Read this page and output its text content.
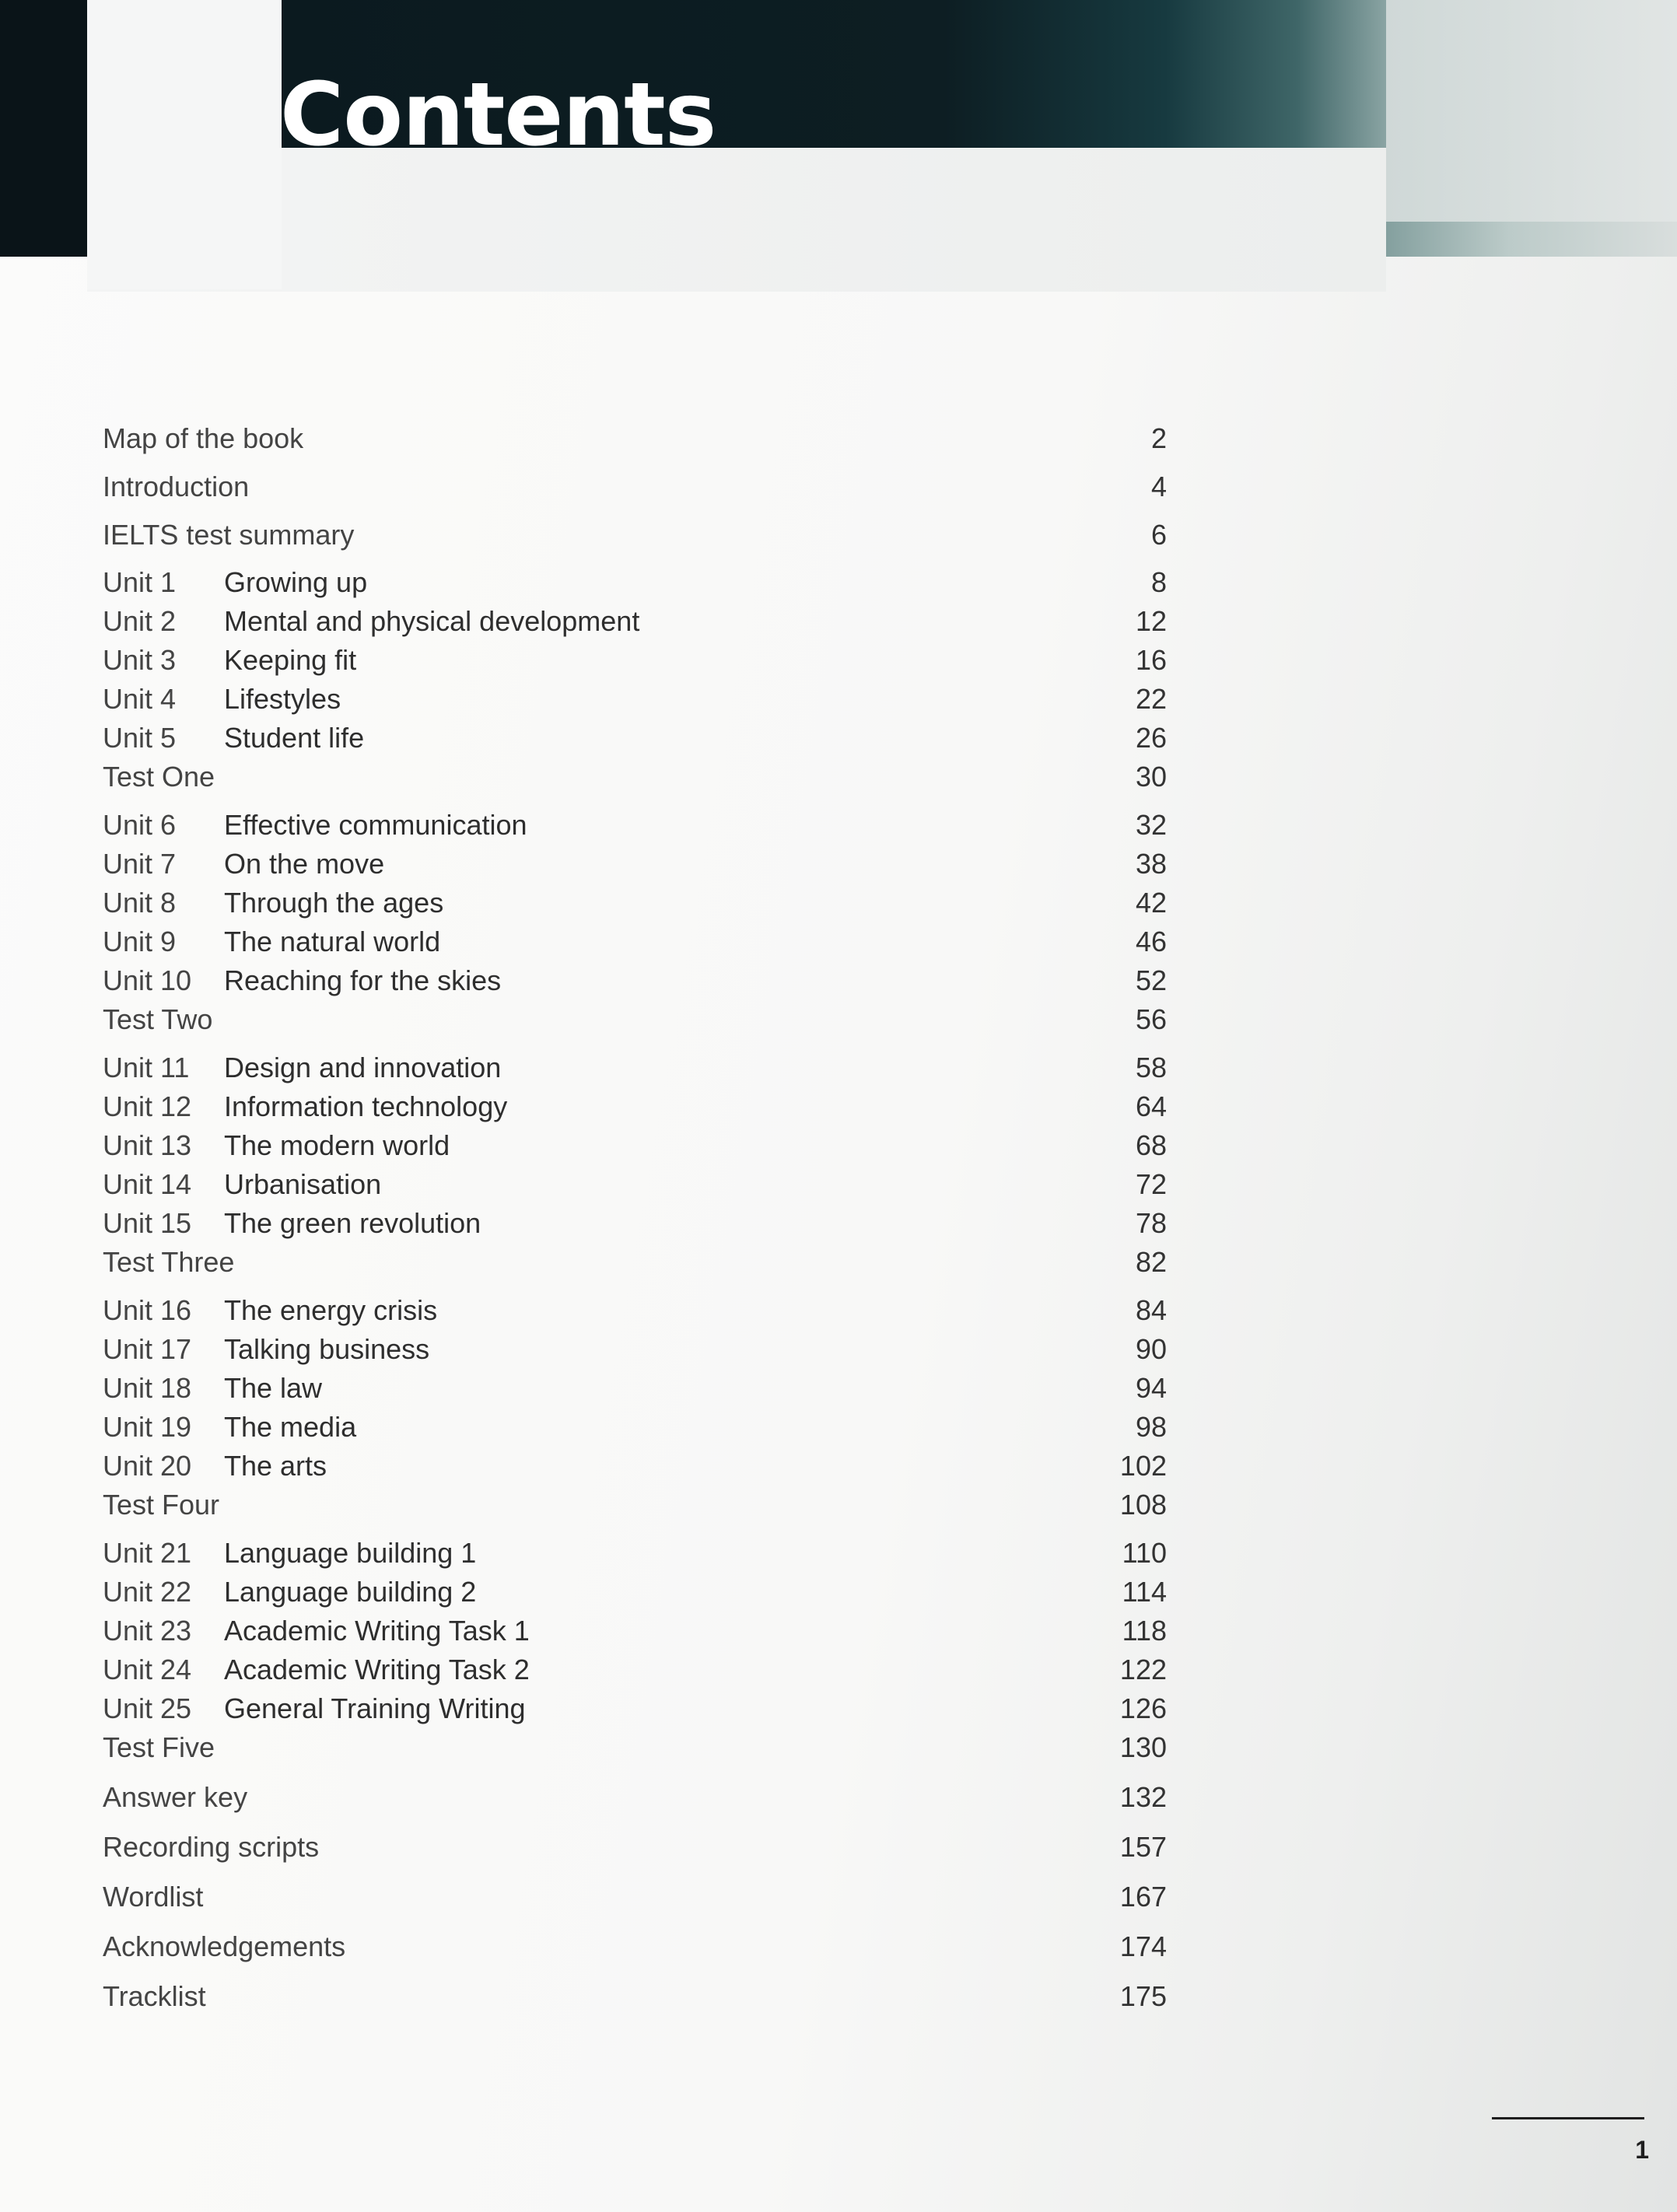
Contents
Map of the book	2
Introduction	4
IELTS test summary	6
Unit 1 Growing up	8
Unit 2 Mental and physical development	12
Unit 3 Keeping fit	16
Unit 4 Lifestyles	22
Unit 5 Student life	26
Test One	30
Unit 6 Effective communication	32
Unit 7 On the move	38
Unit 8 Through the ages	42
Unit 9 The natural world	46
Unit 10 Reaching for the skies	52
Test Two	56
Unit 11 Design and innovation	58
Unit 12 Information technology	64
Unit 13 The modern world	68
Unit 14 Urbanisation	72
Unit 15 The green revolution	78
Test Three	82
Unit 16 The energy crisis	84
Unit 17 Talking business	90
Unit 18 The law	94
Unit 19 The media	98
Unit 20 The arts	102
Test Four	108
Unit 21 Language building 1	110
Unit 22 Language building 2	114
Unit 23 Academic Writing Task 1	118
Unit 24 Academic Writing Task 2	122
Unit 25 General Training Writing	126
Test Five	130
Answer key	132
Recording scripts	157
Wordlist	167
Acknowledgements	174
Tracklist	175
1
